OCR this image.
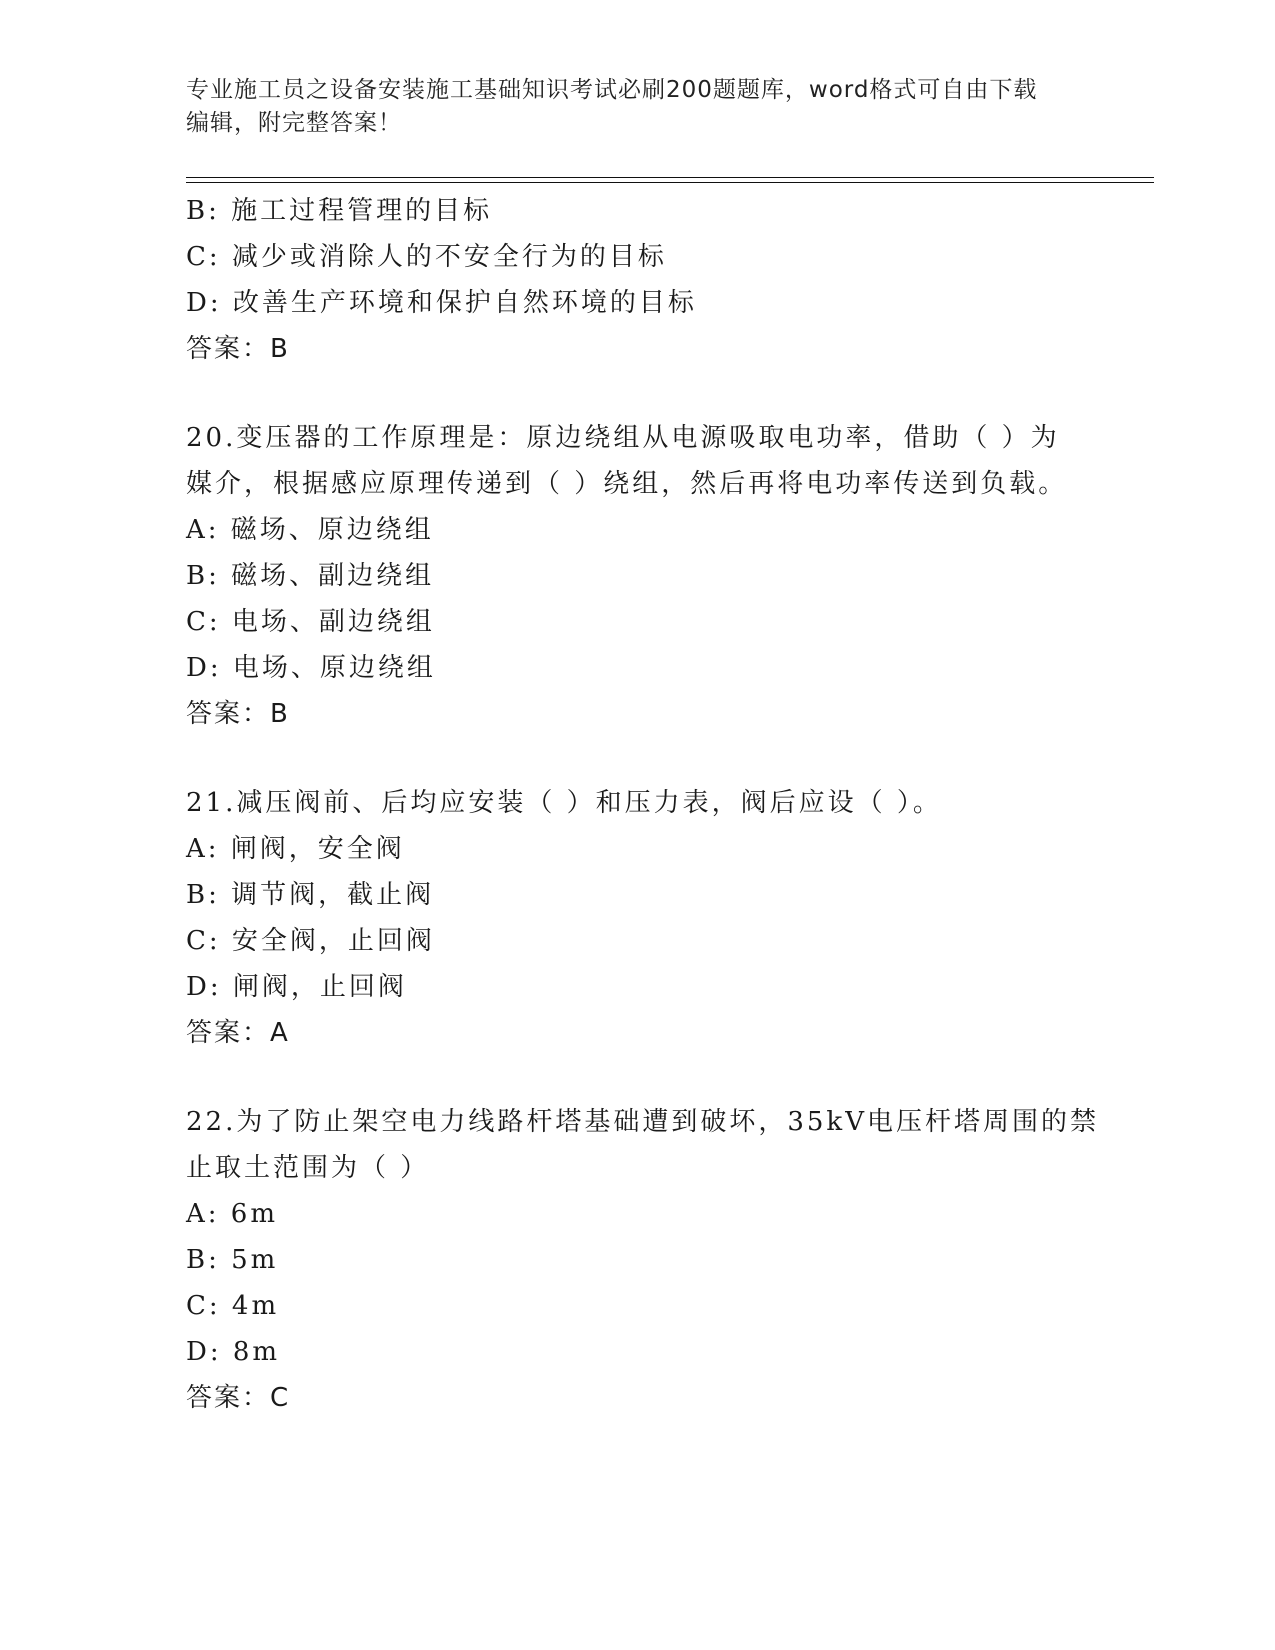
专业施工员之设备安装施工基础知识考试必刷200题题库，word格式可自由下载
编辑，附完整答案！
B: 施工过程管理的目标
C: 减少或消除人的不安全行为的目标
D: 改善生产环境和保护自然环境的目标
答案：B
20.变压器的工作原理是：原边绕组从电源吸取电功率，借助（ ）为
媒介，根据感应原理传递到（ ）绕组，然后再将电功率传送到负载。
A: 磁场、原边绕组
B: 磁场、副边绕组
C: 电场、副边绕组
D: 电场、原边绕组
答案：B
21.减压阀前、后均应安装（ ）和压力表，阀后应设（ ）。
A: 闸阀，安全阀
B: 调节阀，截止阀
C: 安全阀，止回阀
D: 闸阀，止回阀
答案：A
22.为了防止架空电力线路杆塔基础遭到破坏，35kV电压杆塔周围的禁
止取土范围为（ ）
A: 6m
B: 5m
C: 4m
D: 8m
答案：C
